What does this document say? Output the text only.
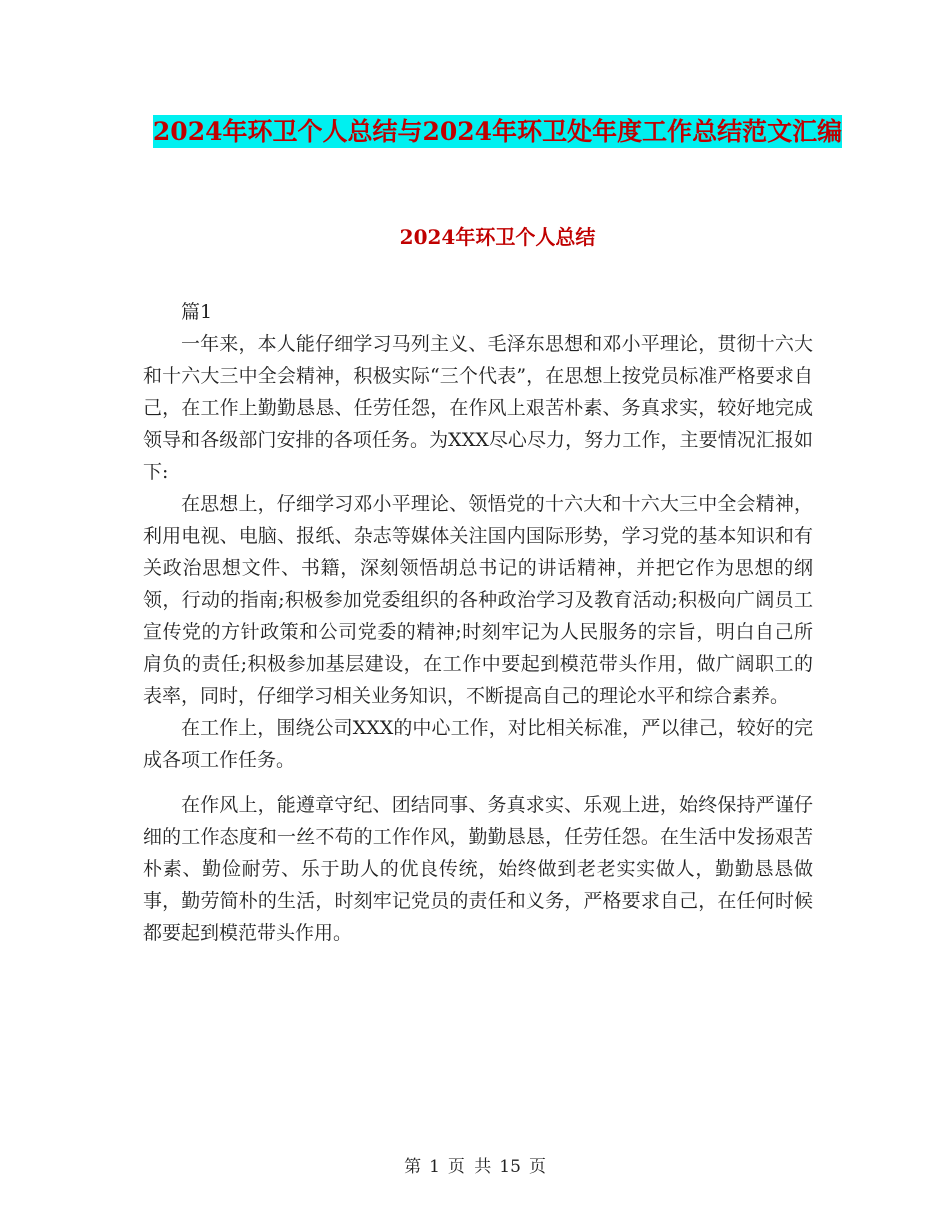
2024年环卫个人总结与2024年环卫处年度工作总结范文汇编
2024年环卫个人总结

篇1

一年来，本人能仔细学习马列主义、毛泽东思想和邓小平理论，贯彻十六大和十六大三中全会精神，积极实际“三个代表”，在思想上按党员标准严格要求自己，在工作上勤勤恳恳、任劳任怨，在作风上艰苦朴素、务真求实，较好地完成领导和各级部门安排的各项任务。为XXX尽心尽力，努力工作，主要情况汇报如下:

在思想上，仔细学习邓小平理论、领悟党的十六大和十六大三中全会精神，利用电视、电脑、报纸、杂志等媒体关注国内国际形势，学习党的基本知识和有关政治思想文件、书籍，深刻领悟胡总书记的讲话精神，并把它作为思想的纲领，行动的指南;积极参加党委组织的各种政治学习及教育活动;积极向广阔员工宣传党的方针政策和公司党委的精神;时刻牢记为人民服务的宗旨，明白自己所肩负的责任;积极参加基层建设，在工作中要起到模范带头作用，做广阔职工的表率，同时，仔细学习相关业务知识，不断提高自己的理论水平和综合素养。

在工作上，围绕公司XXX的中心工作，对比相关标准，严以律己，较好的完成各项工作任务。

在作风上，能遵章守纪、团结同事、务真求实、乐观上进，始终保持严谨仔细的工作态度和一丝不苟的工作作风，勤勤恳恳，任劳任怨。在生活中发扬艰苦朴素、勤俭耐劳、乐于助人的优良传统，始终做到老老实实做人，勤勤恳恳做事，勤劳简朴的生活，时刻牢记党员的责任和义务，严格要求自己，在任何时候都要起到模范带头作用。

第 1 页 共 15 页
